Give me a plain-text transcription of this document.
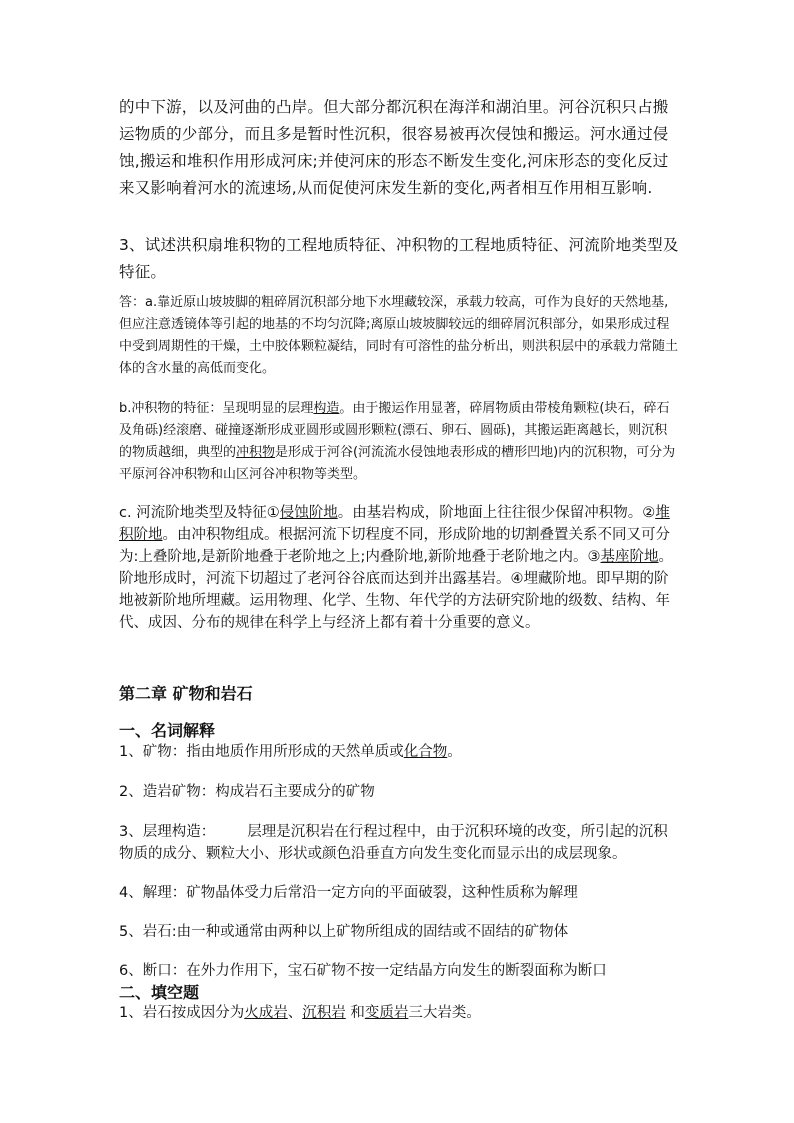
的中下游，以及河曲的凸岸。但大部分都沉积在海洋和湖泊里。河谷沉积只占搬运物质的少部分，而且多是暂时性沉积，很容易被再次侵蚀和搬运。河水通过侵蚀,搬运和堆积作用形成河床;并使河床的形态不断发生变化,河床形态的变化反过来又影响着河水的流速场,从而促使河床发生新的变化,两者相互作用相互影响.

3、试述洪积扇堆积物的工程地质特征、冲积物的工程地质特征、河流阶地类型及特征。

答：a.靠近原山坡坡脚的粗碎屑沉积部分地下水埋藏较深，承载力较高，可作为良好的天然地基,但应注意透镜体等引起的地基的不均匀沉降;离原山坡坡脚较远的细碎屑沉积部分，如果形成过程中受到周期性的干燥，土中胶体颗粒凝结，同时有可溶性的盐分析出，则洪积层中的承载力常随土体的含水量的高低而变化。

b.冲积物的特征：呈现明显的层理构造。由于搬运作用显著，碎屑物质由带棱角颗粒(块石，碎石及角砾)经滚磨、碰撞逐渐形成亚圆形或圆形颗粒(漂石、卵石、圆砾)，其搬运距离越长，则沉积的物质越细，典型的冲积物是形成于河谷(河流流水侵蚀地表形成的槽形凹地)内的沉积物，可分为平原河谷冲积物和山区河谷冲积物等类型。

c. 河流阶地类型及特征①侵蚀阶地。由基岩构成，阶地面上往往很少保留冲积物。②堆积阶地。由冲积物组成。根据河流下切程度不同，形成阶地的切割叠置关系不同又可分为:上叠阶地,是新阶地叠于老阶地之上;内叠阶地,新阶地叠于老阶地之内。③基座阶地。阶地形成时，河流下切超过了老河谷谷底而达到并出露基岩。④埋藏阶地。即早期的阶地被新阶地所埋藏。运用物理、化学、生物、年代学的方法研究阶地的级数、结构、年代、成因、分布的规律在科学上与经济上都有着十分重要的意义。

第二章 矿物和岩石

一、名词解释

1、矿物：指由地质作用所形成的天然单质或化合物。

2、造岩矿物：构成岩石主要成分的矿物

3、层理构造： 层理是沉积岩在行程过程中，由于沉积环境的改变，所引起的沉积物质的成分、颗粒大小、形状或颜色沿垂直方向发生变化而显示出的成层现象。

4、解理：矿物晶体受力后常沿一定方向的平面破裂，这种性质称为解理

5、岩石:由一种或通常由两种以上矿物所组成的固结或不固结的矿物体

6、断口：在外力作用下，宝石矿物不按一定结晶方向发生的断裂面称为断口

二、填空题

1、岩石按成因分为火成岩、沉积岩 和变质岩三大岩类。
